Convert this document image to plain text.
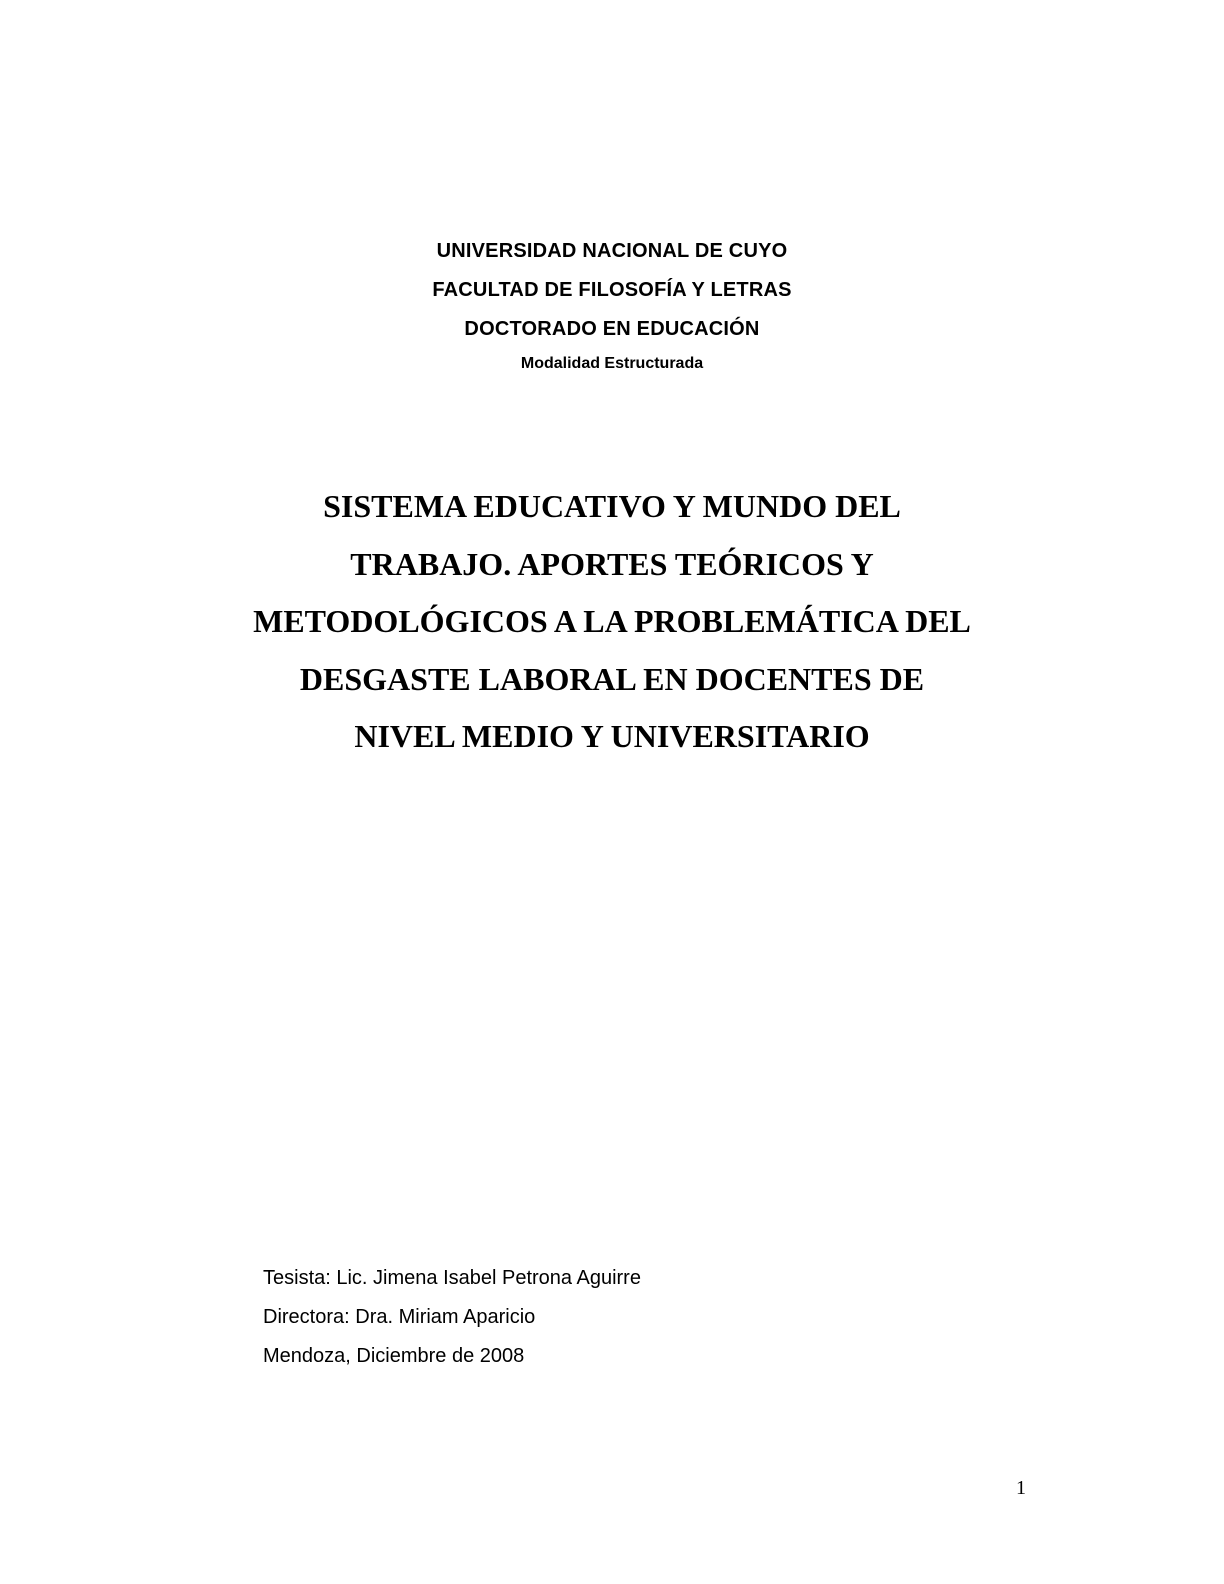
UNIVERSIDAD NACIONAL DE CUYO
FACULTAD DE FILOSOFÍA Y LETRAS
DOCTORADO EN EDUCACIÓN
Modalidad Estructurada
SISTEMA EDUCATIVO Y MUNDO DEL
TRABAJO. APORTES TEÓRICOS Y
METODOLÓGICOS A LA PROBLEMÁTICA DEL
DESGASTE LABORAL EN DOCENTES DE
NIVEL MEDIO Y UNIVERSITARIO
Tesista: Lic. Jimena Isabel Petrona Aguirre
Directora: Dra. Miriam Aparicio
Mendoza, Diciembre de 2008
1
